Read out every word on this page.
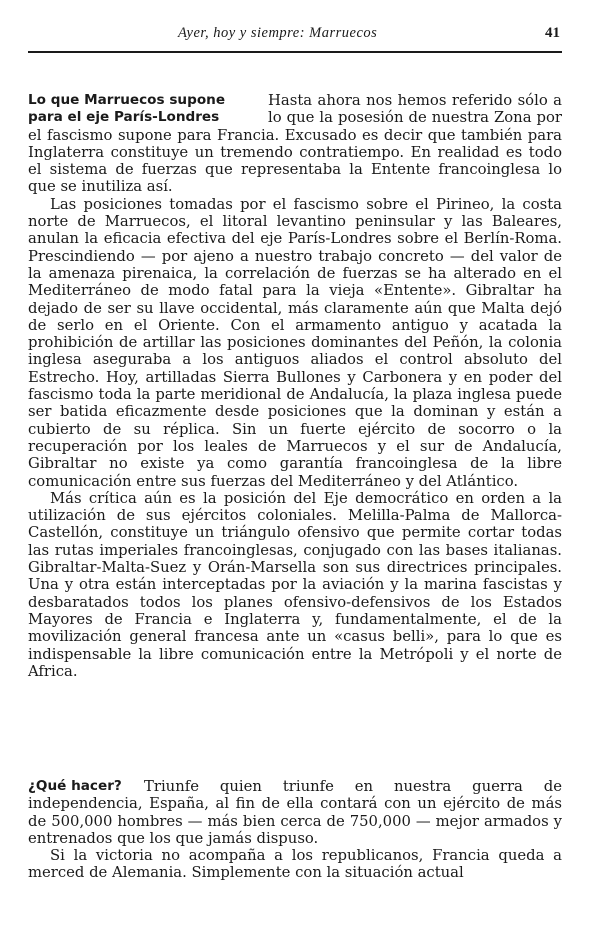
Ayer, hoy y siempre: Marruecos	41
Lo que Marruecos supone
para el eje París-Londres

Hasta ahora nos hemos referido sólo a lo que la posesión de nuestra Zona por el fascismo supone para Francia. Excusado es decir que también para Inglaterra constituye un tremendo contratiempo. En realidad es todo el sistema de fuerzas que representaba la Entente francoinglesa lo que se inutiliza así.

Las posiciones tomadas por el fascismo sobre el Pirineo, la costa norte de Marruecos, el litoral levantino peninsular y las Baleares, anulan la eficacia efectiva del eje París-Londres sobre el Berlín-Roma. Prescindiendo — por ajeno a nuestro trabajo concreto — del valor de la amenaza pirenaica, la correlación de fuerzas se ha alterado en el Mediterráneo de modo fatal para la vieja «Entente». Gibraltar ha dejado de ser su llave occidental, más claramente aún que Malta dejó de serlo en el Oriente. Con el armamento antiguo y acatada la prohibición de artillar las posiciones dominantes del Peñón, la colonia inglesa aseguraba a los antiguos aliados el control absoluto del Estrecho. Hoy, artilladas Sierra Bullones y Carbonera y en poder del fascismo toda la parte meridional de Andalucía, la plaza inglesa puede ser batida eficazmente desde posiciones que la dominan y están a cubierto de su réplica. Sin un fuerte ejército de socorro o la recuperación por los leales de Marruecos y el sur de Andalucía, Gibraltar no existe ya como garantía francoinglesa de la libre comunicación entre sus fuerzas del Mediterráneo y del Atlántico.

Más crítica aún es la posición del Eje democrático en orden a la utilización de sus ejércitos coloniales. Melilla-Palma de Mallorca-Castellón, constituye un triángulo ofensivo que permite cortar todas las rutas imperiales francoinglesas, conjugado con las bases italianas. Gibraltar-Malta-Suez y Orán-Marsella son sus directrices principales. Una y otra están interceptadas por la aviación y la marina fascistas y desbaratados todos los planes ofensivo-defensivos de los Estados Mayores de Francia e Inglaterra y, fundamentalmente, el de la movilización general francesa ante un «casus belli», para lo que es indispensable la libre comunicación entre la Metrópoli y el norte de Africa.

¿Qué hacer?	Triunfe quien triunfe en nuestra guerra de independencia, España, al fin de ella contará con un ejército de más de 500,000 hombres — más bien cerca de 750,000 — mejor armados y entrenados que los que jamás dispuso.

Si la victoria no acompaña a los republicanos, Francia queda a merced de Alemania. Simplemente con la situación actual
